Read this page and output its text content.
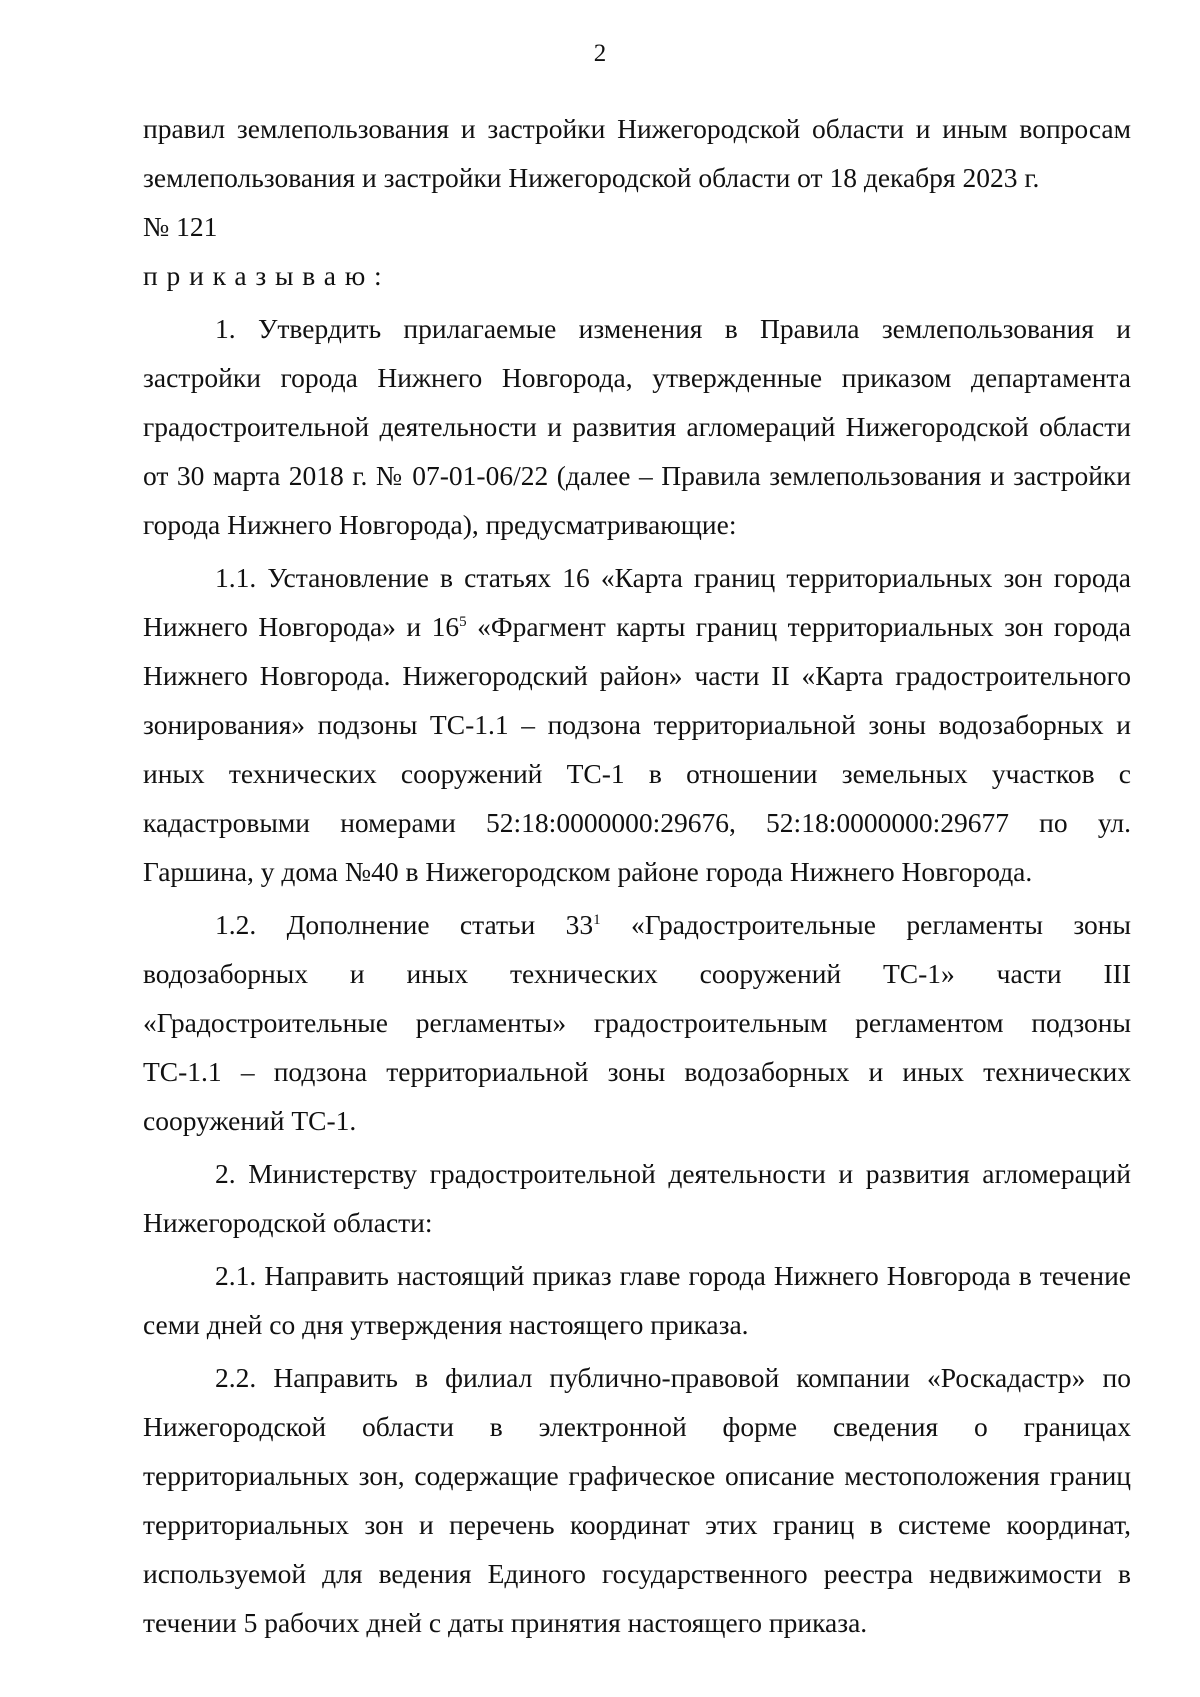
2

правил землепользования и застройки Нижегородской области и иным вопросам землепользования и застройки Нижегородской области от 18 декабря 2023 г.

№ 121

приказываю:

1. Утвердить прилагаемые изменения в Правила землепользования и застройки города Нижнего Новгорода, утвержденные приказом департамента градостроительной деятельности и развития агломераций Нижегородской области от 30 марта 2018 г. № 07-01-06/22 (далее – Правила землепользования и застройки города Нижнего Новгорода), предусматривающие:

1.1. Установление в статьях 16 «Карта границ территориальных зон города Нижнего Новгорода» и $16^5$ «Фрагмент карты границ территориальных зон города Нижнего Новгорода. Нижегородский район» части II «Карта градостроительного зонирования» подзоны ТС-1.1 – подзона территориальной зоны водозаборных и иных технических сооружений ТС-1 в отношении земельных участков с кадастровыми номерами 52:18:0000000:29676, 52:18:0000000:29677 по ул. Гаршина, у дома №40 в Нижегородском районе города Нижнего Новгорода.

1.2. Дополнение статьи $33^1$ «Градостроительные регламенты зоны водозаборных и иных технических сооружений ТС-1» части III «Градостроительные регламенты» градостроительным регламентом подзоны ТС-1.1 – подзона территориальной зоны водозаборных и иных технических сооружений ТС-1.

2. Министерству градостроительной деятельности и развития агломераций Нижегородской области:

2.1. Направить настоящий приказ главе города Нижнего Новгорода в течение семи дней со дня утверждения настоящего приказа.

2.2. Направить в филиал публично-правовой компании «Роскадастр» по Нижегородской области в электронной форме сведения о границах территориальных зон, содержащие графическое описание местоположения границ территориальных зон и перечень координат этих границ в системе координат, используемой для ведения Единого государственного реестра недвижимости в течении 5 рабочих дней с даты принятия настоящего приказа.
